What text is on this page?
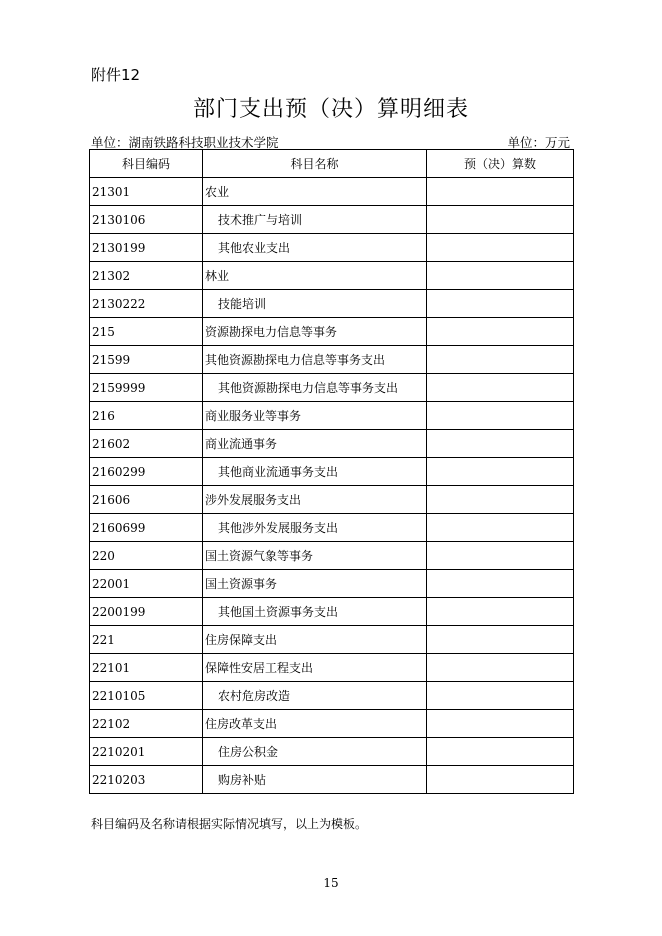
附件12
部门支出预（决）算明细表
单位：湖南铁路科技职业技术学院	单位：万元
科目编码	科目名称	预（决）算数
21301	农业	
2130106	技术推广与培训	
2130199	其他农业支出	
21302	林业	
2130222	技能培训	
215	资源勘探电力信息等事务	
21599	其他资源勘探电力信息等事务支出	
2159999	其他资源勘探电力信息等事务支出	
216	商业服务业等事务	
21602	商业流通事务	
2160299	其他商业流通事务支出	
21606	涉外发展服务支出	
2160699	其他涉外发展服务支出	
220	国土资源气象等事务	
22001	国土资源事务	
2200199	其他国土资源事务支出	
221	住房保障支出	
22101	保障性安居工程支出	
2210105	农村危房改造	
22102	住房改革支出	
2210201	住房公积金	
2210203	购房补贴	
科目编码及名称请根据实际情况填写，以上为模板。
15
